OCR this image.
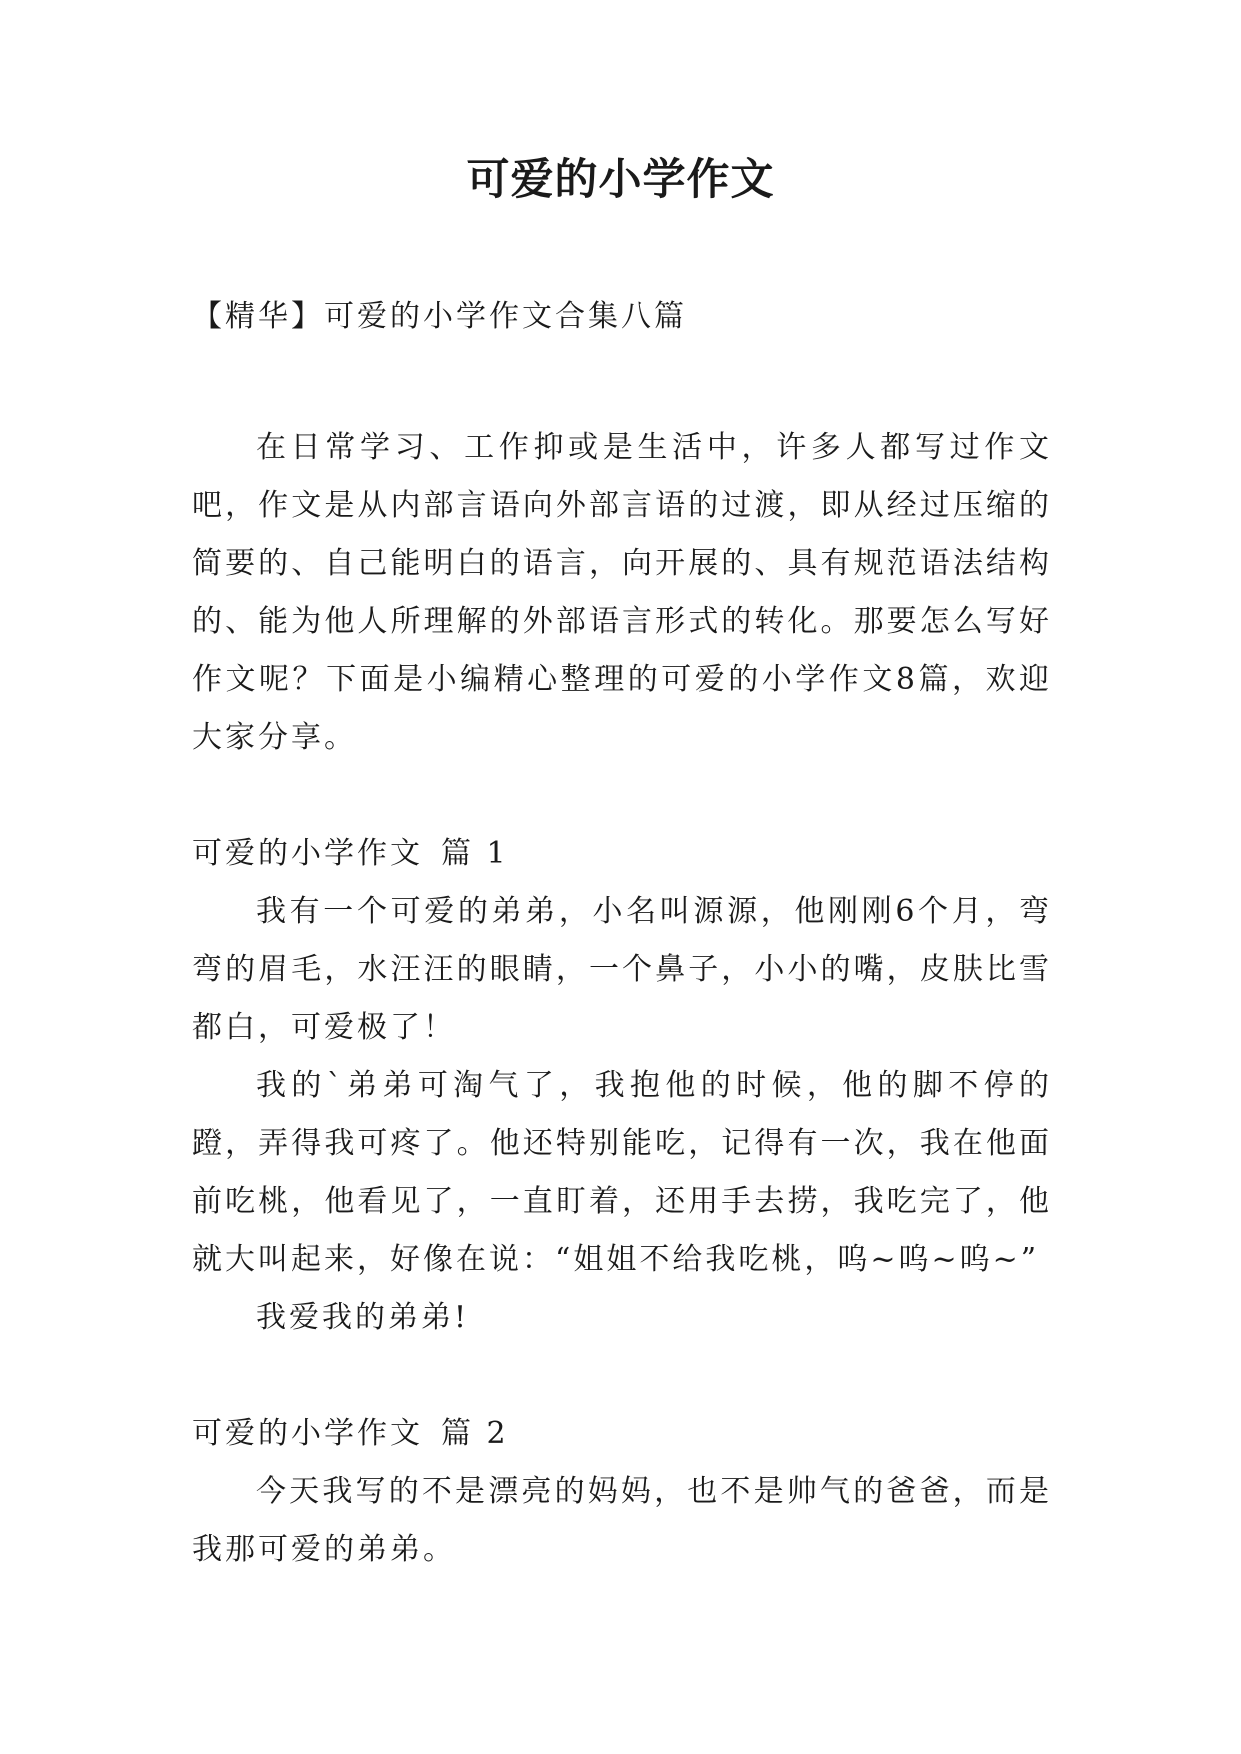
可爱的小学作文

【精华】可爱的小学作文合集八篇

在日常学习、工作抑或是生活中，许多人都写过作文吧，作文是从内部言语向外部言语的过渡，即从经过压缩的简要的、自己能明白的语言，向开展的、具有规范语法结构的、能为他人所理解的外部语言形式的转化。那要怎么写好作文呢？下面是小编精心整理的可爱的小学作文8篇，欢迎大家分享。

可爱的小学作文 篇 1

我有一个可爱的弟弟，小名叫源源，他刚刚6个月，弯弯的眉毛，水汪汪的眼睛，一个鼻子，小小的嘴，皮肤比雪都白，可爱极了！

我的`弟弟可淘气了，我抱他的时候，他的脚不停的蹬，弄得我可疼了。他还特别能吃，记得有一次，我在他面前吃桃，他看见了，一直盯着，还用手去捞，我吃完了，他就大叫起来，好像在说：“姐姐不给我吃桃，呜~呜~呜~”

我爱我的弟弟!

可爱的小学作文 篇 2

今天我写的不是漂亮的妈妈，也不是帅气的爸爸，而是我那可爱的弟弟。
